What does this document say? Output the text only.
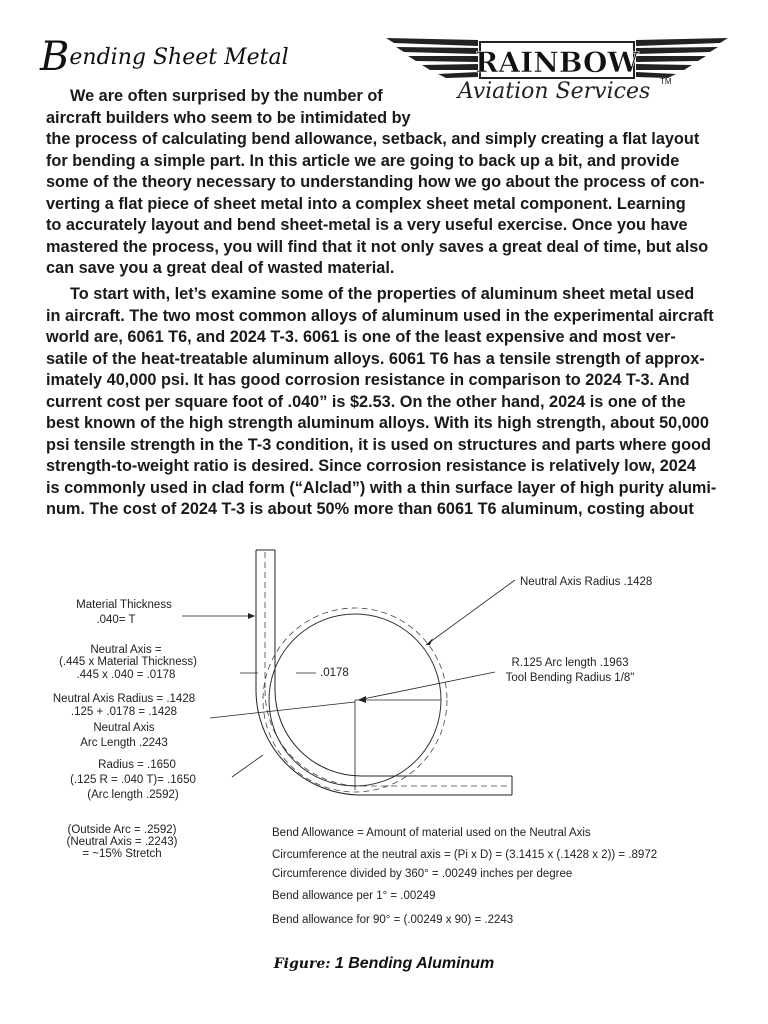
Bending Sheet Metal	RAINBOW
Aviation Services TM
We are often surprised by the number of
aircraft builders who seem to be intimidated by
the process of calculating bend allowance, setback, and simply creating a flat layout
for bending a simple part. In this article we are going to back up a bit, and provide
some of the theory necessary to understanding how we go about the process of con-
verting a flat piece of sheet metal into a complex sheet metal component. Learning
to accurately layout and bend sheet-metal is a very useful exercise. Once you have
mastered the process, you will find that it not only saves a great deal of time, but also
can save you a great deal of wasted material.
To start with, let’s examine some of the properties of aluminum sheet metal used
in aircraft. The two most common alloys of aluminum used in the experimental aircraft
world are, 6061 T6, and 2024 T-3. 6061 is one of the least expensive and most ver-
satile of the heat-treatable aluminum alloys. 6061 T6 has a tensile strength of approx-
imately 40,000 psi. It has good corrosion resistance in comparison to 2024 T-3. And
current cost per square foot of .040” is $2.53. On the other hand, 2024 is one of the
best known of the high strength aluminum alloys. With its high strength, about 50,000
psi tensile strength in the T-3 condition, it is used on structures and parts where good
strength-to-weight ratio is desired. Since corrosion resistance is relatively low, 2024
is commonly used in clad form (“Alclad”) with a thin surface layer of high purity alumi-
num. The cost of 2024 T-3 is about 50% more than 6061 T6 aluminum, costing about
Material Thickness
.040= T
Neutral Axis =
(.445 x Material Thickness)
.445 x .040 = .0178	.0178
Neutral Axis Radius = .1428
.125 + .0178 = .1428
Neutral Axis
Arc Length .2243
Radius = .1650
(.125 R = .040 T)= .1650
(Arc length .2592)
(Outside Arc = .2592)
(Neutral Axis = .2243)
= ~15% Stretch
Neutral Axis Radius .1428
R.125 Arc length .1963
Tool Bending Radius 1/8"
Bend Allowance = Amount of material used on the Neutral Axis
Circumference at the neutral axis = (Pi x D) = (3.1415 x (.1428 x 2)) = .8972
Circumference divided by 360° = .00249 inches per degree
Bend allowance per 1° = .00249
Bend allowance for 90° = (.00249 x 90) = .2243
Figure: 1 Bending Aluminum
